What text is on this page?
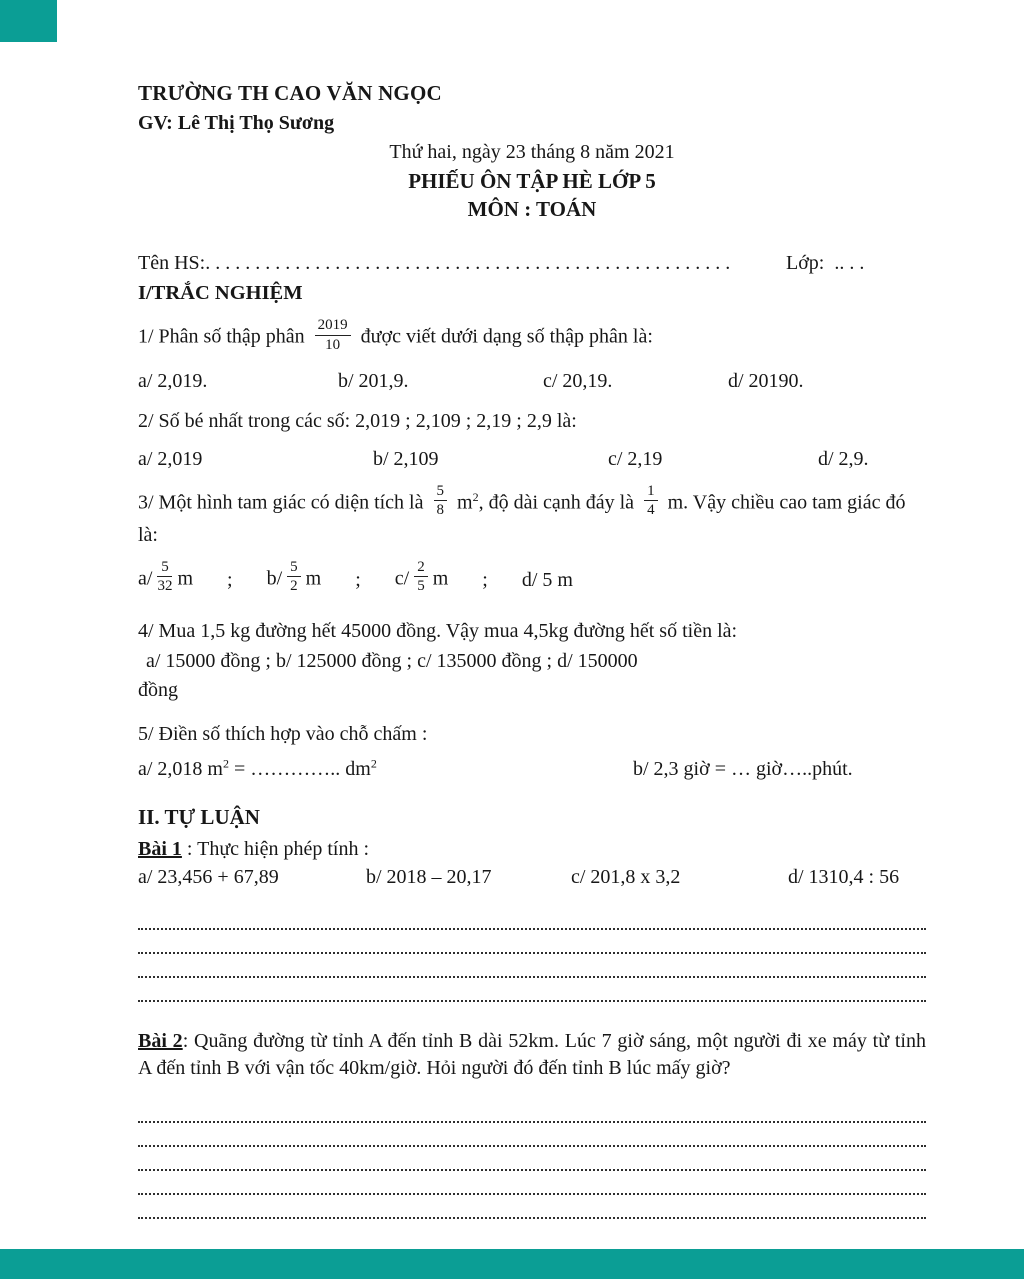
TRƯỜNG TH CAO VĂN NGỌC
GV: Lê Thị Thọ Sương
Thứ hai, ngày 23 tháng 8 năm 2021
PHIẾU ÔN TẬP HÈ LỚP 5
MÔN : TOÁN
Tên HS:. . . . . . . . . . . . . . . . . . . . . . . . . . . . . . . . . . . . . . . . . . . . . . . . . . . . .	Lớp:
.. . .
I/TRẮC NGHIỆM
1/ Phân số thập phân $\frac{2019}{10}$ được viết dưới dạng số thập phân là:
a/ 2,019.	b/ 201,9.	c/ 20,19.	d/ 20190.
2/ Số bé nhất trong các số: 2,019 ; 2,109 ; 2,19 ; 2,9 là:
a/ 2,019	b/ 2,109	c/ 2,19	d/ 2,9.
3/ Một hình tam giác có diện tích là $\frac{5}{8} m^2$, độ dài cạnh đáy là $\frac{1}{4} m$. Vậy chiều cao tam giác đó là:
$a/ \frac{5}{32}$ m ; $b/ \frac{5}{2}$ m ; $c/ \frac{2}{5}$ m ; d/ 5 m
4/ Mua 1,5 kg đường hết 45000 đồng. Vậy mua 4,5kg đường hết số tiền là:
a/ 15000 đồng ; b/ 125000 đồng ; c/ 135000 đồng ; d/ 150000
đồng
5/ Điền số thích hợp vào chỗ chấm :
a/ 2,018 $m^2$ = ………….. $dm^2$	b/ 2,3 giờ = … giờ…..phút.
II. TỰ LUẬN
Bài 1 : Thực hiện phép tính :
a/ 23,456 + 67,89	b/ 2018 – 20,17	c/ 201,8 x 3,2	d/ 1310,4 : 56
Bài 2: Quãng đường từ tỉnh A đến tỉnh B dài 52km. Lúc 7 giờ sáng, một người đi xe máy từ tỉnh A đến tỉnh B với vận tốc 40km/giờ. Hỏi người đó đến tỉnh B lúc mấy giờ?
